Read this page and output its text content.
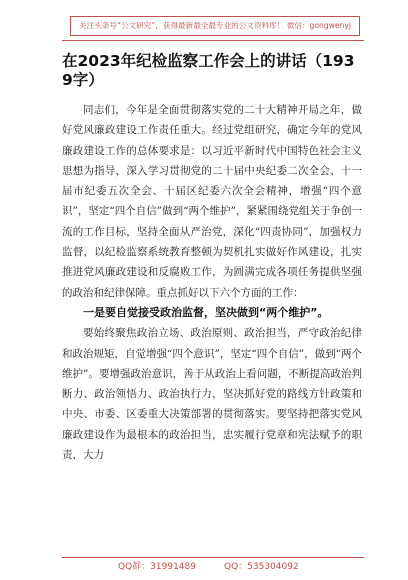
关注头条号“公文研究”，获得最新最全最专业的公文资料库！ 微信：gongwenyj
在2023年纪检监察工作会上的讲话（1939字）

同志们，今年是全面贯彻落实党的二十大精神开局之年，做好党风廉政建设工作责任重大。经过党组研究，确定今年的党风廉政建设工作的总体要求是：以习近平新时代中国特色社会主义思想为指导，深入学习贯彻党的二十届中央纪委二次全会、十一届市纪委五次全会、十届区纪委六次全会精神，增强“四个意识”，坚定“四个自信”做到“两个维护”，紧紧围绕党组关于争创一流的工作目标，坚持全面从严治党，深化“四责协同”，加强权力监督，以纪检监察系统教育整顿为契机扎实做好作风建设，扎实推进党风廉政建设和反腐败工作，为圆满完成各项任务提供坚强的政治和纪律保障。重点抓好以下六个方面的工作：

一是要自觉接受政治监督，坚决做到“两个维护”。

要始终聚焦政治立场、政治原则、政治担当，严守政治纪律和政治规矩，自觉增强“四个意识”，坚定“四个自信”，做到“两个维护”。要增强政治意识，善于从政治上看问题，不断提高政治判断力、政治领悟力、政治执行力，坚决抓好党的路线方针政策和中央、市委、区委重大决策部署的贯彻落实。要坚持把落实党风廉政建设作为最根本的政治担当，忠实履行党章和宪法赋予的职责，大力

QQ群：31991489	QQ：535304092
